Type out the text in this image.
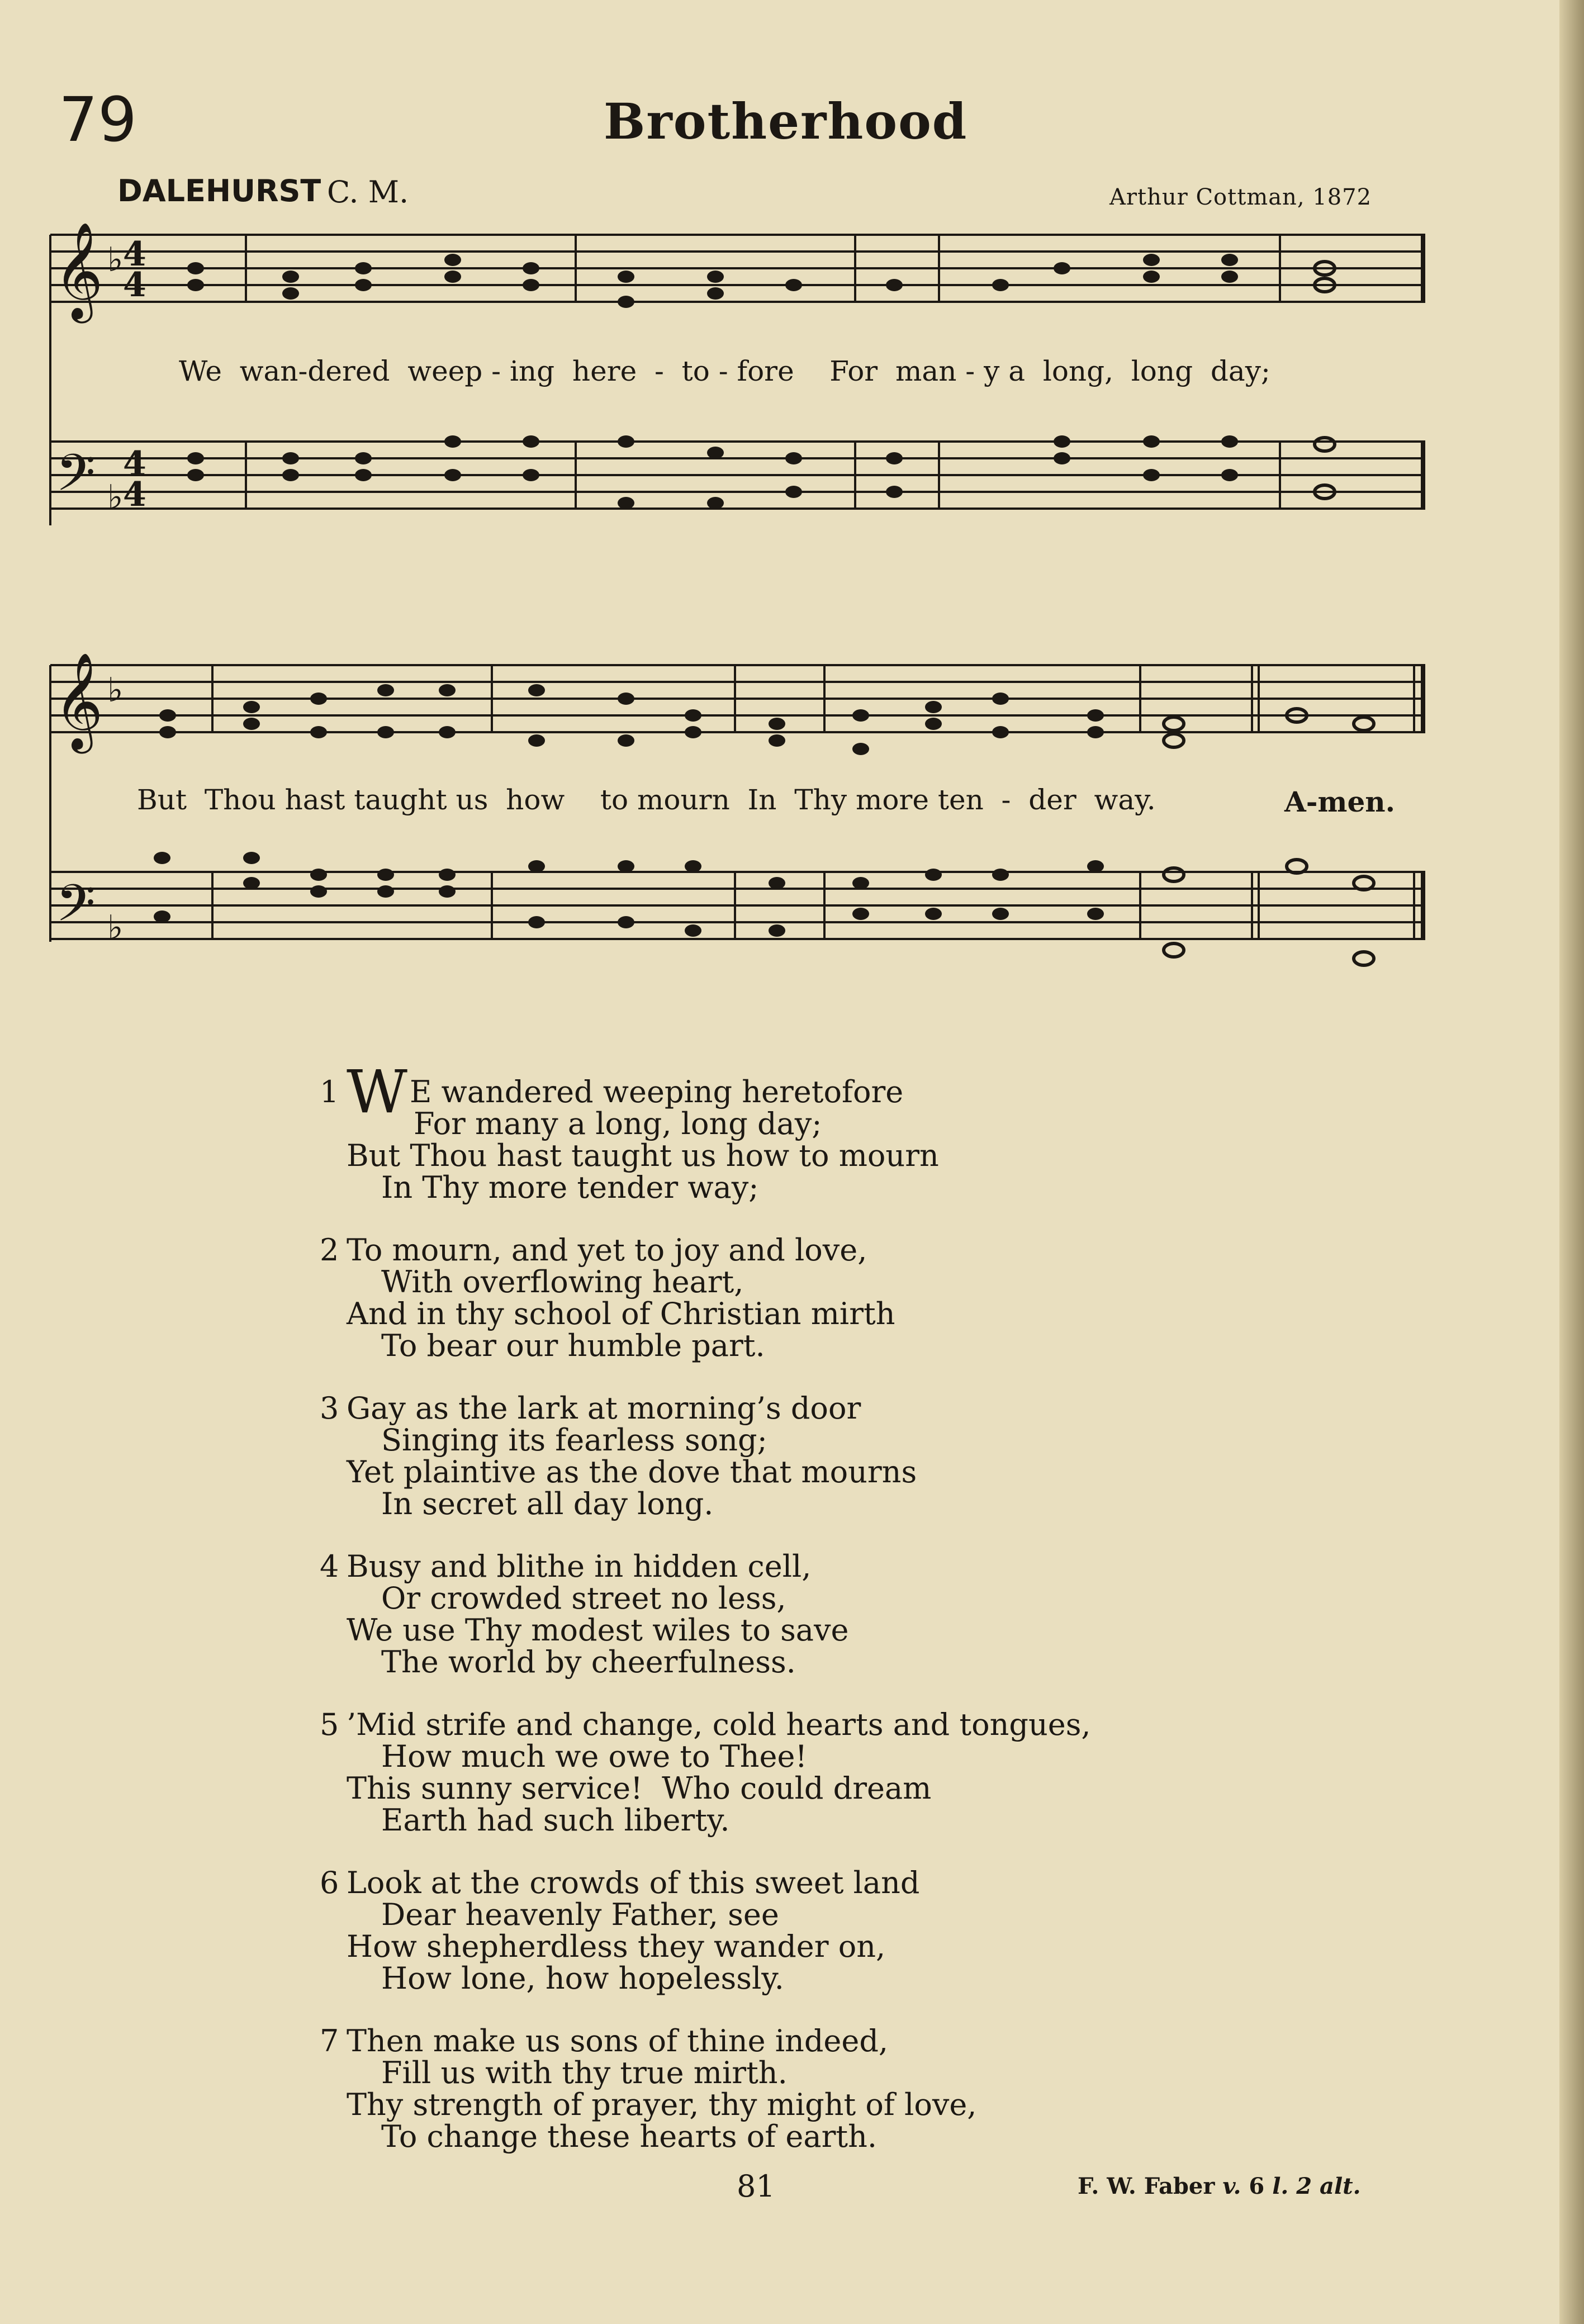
79	Brotherhood
DALEHURST C. M.	Arthur Cottman, 1872
𝄞
𝄢
4
4
4
4
♭
♭
𝄞
𝄢
♭
♭
We  wan-dered  weep - ing  here  -  to - fore    For  man - y a  long,  long  day;
But  Thou hast taught us  how    to mourn  In  Thy more ten  -  der  way.	A-men.
1 WE wandered weeping heretofore
For many a long, long day;
But Thou hast taught us how to mourn
In Thy more tender way;
2 To mourn, and yet to joy and love,
With overflowing heart,
And in thy school of Christian mirth
To bear our humble part.
3 Gay as the lark at morning’s door
Singing its fearless song;
Yet plaintive as the dove that mourns
In secret all day long.
4 Busy and blithe in hidden cell,
Or crowded street no less,
We use Thy modest wiles to save
The world by cheerfulness.
5 ’Mid strife and change, cold hearts and tongues,
How much we owe to Thee!
This sunny service!  Who could dream
Earth had such liberty.
6 Look at the crowds of this sweet land
Dear heavenly Father, see
How shepherdless they wander on,
How lone, how hopelessly.
7 Then make us sons of thine indeed,
Fill us with thy true mirth.
Thy strength of prayer, thy might of love,
To change these hearts of earth.
81	F. W. Faber v. 6 l. 2 alt.
